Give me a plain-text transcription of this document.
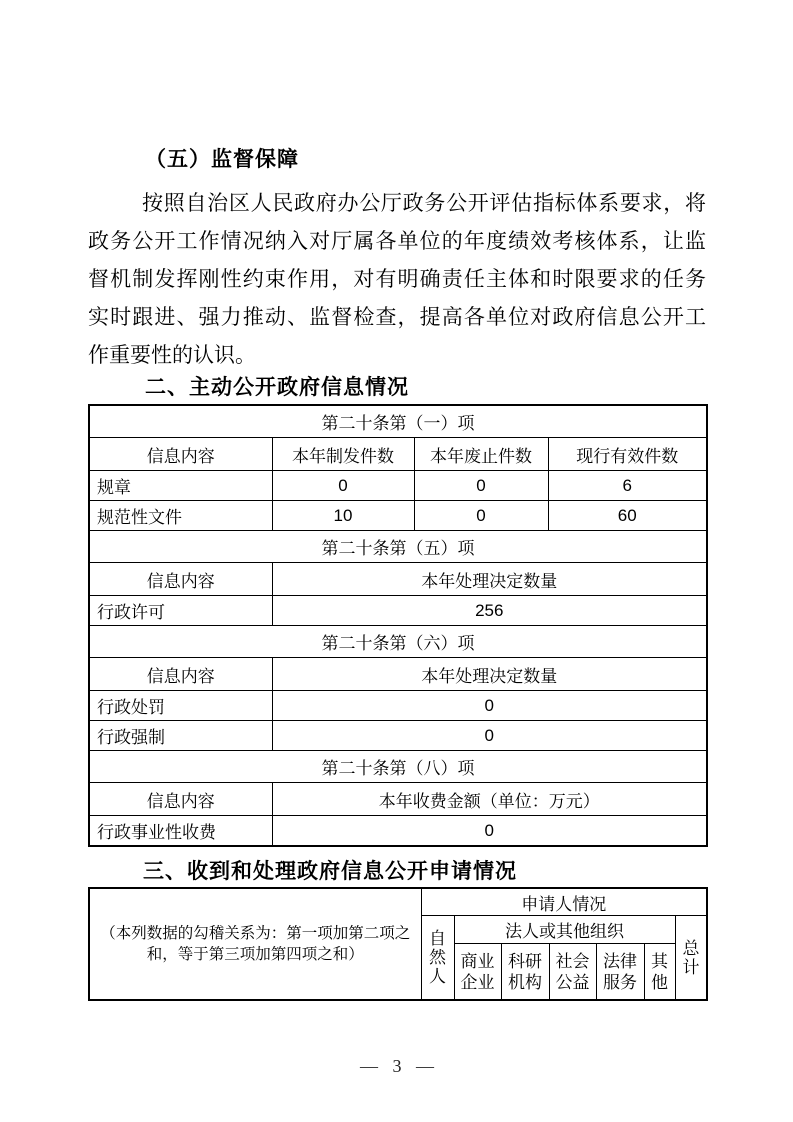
（五）监督保障
按照自治区人民政府办公厅政务公开评估指标体系要求，将
政务公开工作情况纳入对厅属各单位的年度绩效考核体系，让监
督机制发挥刚性约束作用，对有明确责任主体和时限要求的任务
实时跟进、强力推动、监督检查，提高各单位对政府信息公开工
作重要性的认识。
二、主动公开政府信息情况
第二十条第（一）项			
信息内容	本年制发件数	本年废止件数	现行有效件数
规章	0	0	6
规范性文件	10	0	60
第二十条第（五）项			
信息内容	本年处理决定数量		
行政许可	256		
第二十条第（六）项			
信息内容	本年处理决定数量		
行政处罚	0		
行政强制	0		
第二十条第（八）项			
信息内容	本年收费金额（单位：万元）		
行政事业性收费	0		
三、收到和处理政府信息公开申请情况
（本列数据的勾稽关系为：第一项加第二项之
和，等于第三项加第四项之和）	申请人情况						
	自然人	法人或其他组织					总计
		商业企业	科研机构	社会公益	法律服务	其他	
— 3 —
